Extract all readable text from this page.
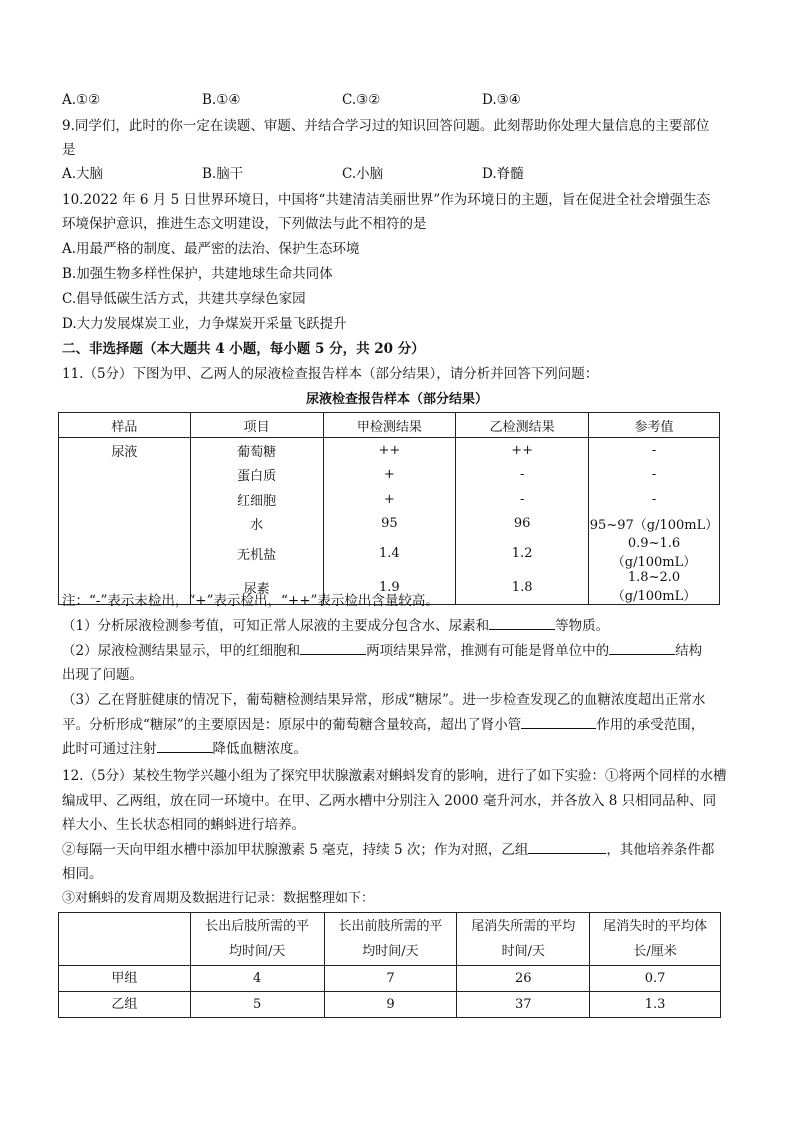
A.①②	B.①④	C.③②	D.③④
9.同学们，此时的你一定在读题、审题、并结合学习过的知识回答问题。此刻帮助你处理大量信息的主要部位
是
A.大脑	B.脑干	C.小脑	D.脊髓
10.2022 年 6 月 5 日世界环境日，中国将“共建清洁美丽世界”作为环境日的主题，旨在促进全社会增强生态
环境保护意识，推进生态文明建设，下列做法与此不相符的是
A.用最严格的制度、最严密的法治、保护生态环境
B.加强生物多样性保护，共建地球生命共同体
C.倡导低碳生活方式，共建共享绿色家园
D.大力发展煤炭工业，力争煤炭开采量飞跃提升
二、非选择题（本大题共 4 小题，每小题 5 分，共 20 分）
11.（5分）下图为甲、乙两人的尿液检查报告样本（部分结果），请分析并回答下列问题：
尿液检查报告样本（部分结果）
样品	项目	甲检测结果	乙检测结果	参考值
尿液	葡萄糖	++	++	-
	蛋白质	+	-	-
	红细胞	+	-	-
	水	95	96	95~97（g/100mL）
	无机盐	1.4	1.2	0.9~1.6（g/100mL）
	尿素	1.9	1.8	1.8~2.0（g/100mL）
注：“-”表示未检出，“+”表示检出，“++”表示检出含量较高。
（1）分析尿液检测参考值，可知正常人尿液的主要成分包含水、尿素和	等物质。
（2）尿液检测结果显示，甲的红细胞和	两项结果异常，推测有可能是肾单位中的	结构
出现了问题。
（3）乙在肾脏健康的情况下，葡萄糖检测结果异常，形成“糖尿”。进一步检查发现乙的血糖浓度超出正常水
平。分析形成“糖尿”的主要原因是：原尿中的葡萄糖含量较高，超出了肾小管	作用的承受范围，
此时可通过注射	降低血糖浓度。
12.（5分）某校生物学兴趣小组为了探究甲状腺激素对蝌蚪发育的影响，进行了如下实验：①将两个同样的水槽
编成甲、乙两组，放在同一环境中。在甲、乙两水槽中分别注入 2000 毫升河水，并各放入 8 只相同品种、同
样大小、生长状态相同的蝌蚪进行培养。
②每隔一天向甲组水槽中添加甲状腺激素 5 毫克，持续 5 次；作为对照，乙组	，其他培养条件都
相同。
③对蝌蚪的发育周期及数据进行记录：数据整理如下：
	长出后肢所需的平
均时间/天	长出前肢所需的平
均时间/天	尾消失所需的平均
时间/天	尾消失时的平均体
长/厘米
甲组	4	7	26	0.7
乙组	5	9	37	1.3
